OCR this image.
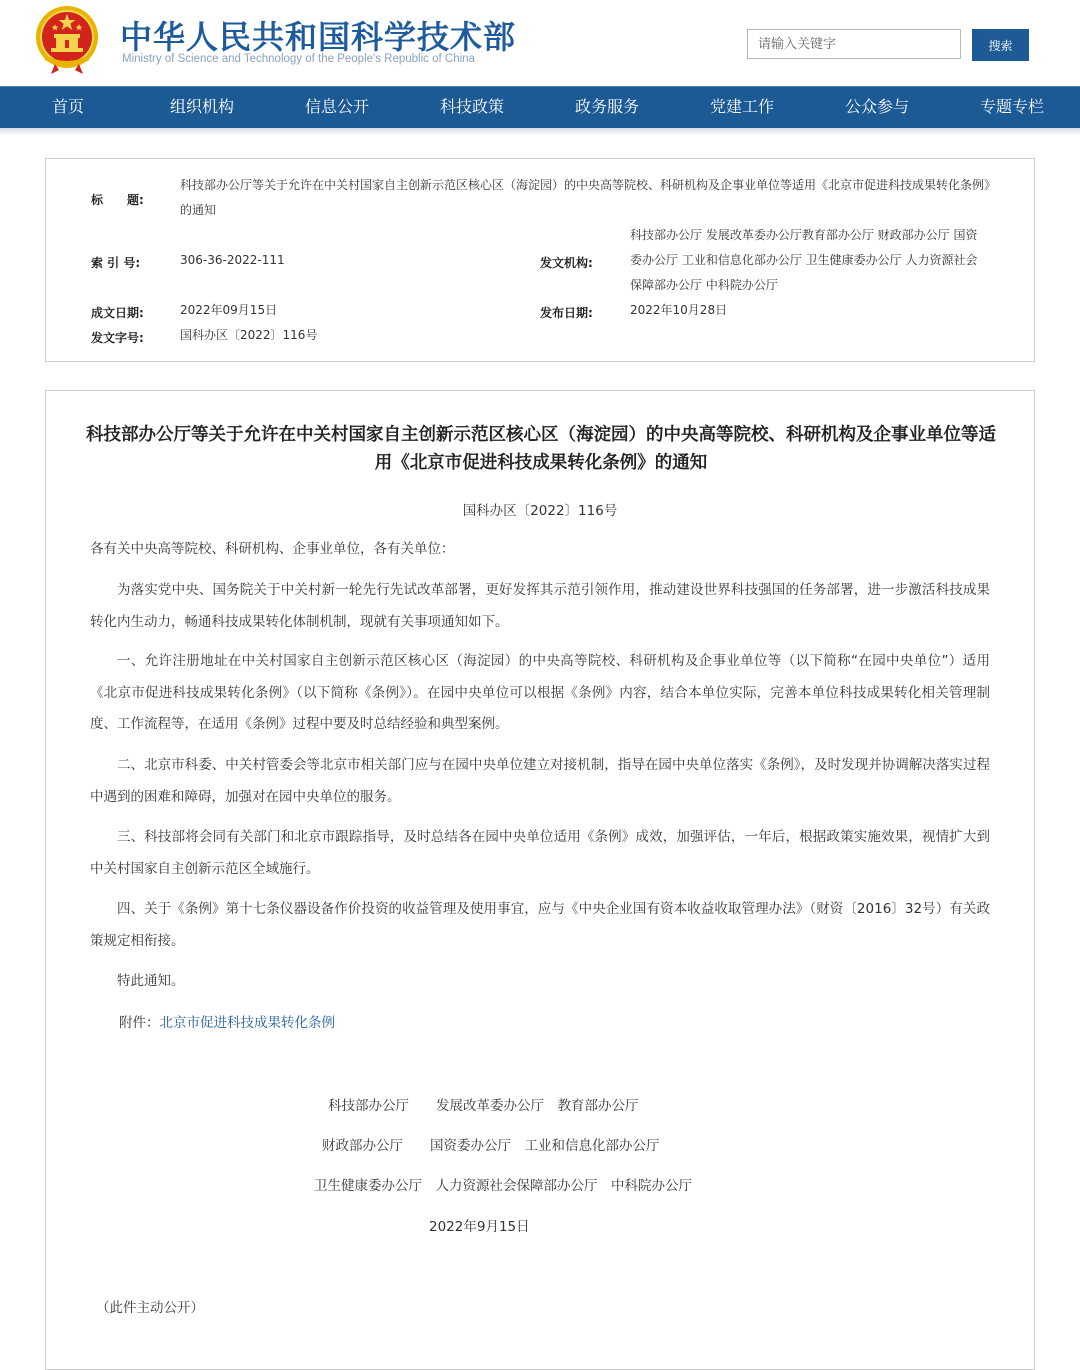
中华人民共和国科学技术部
Ministry of Science and Technology of the People's Republic of China
请输入关键字
搜索
首页	组织机构	信息公开	科技政策	政务服务	党建工作	公众参与	专题专栏
标　　题:
科技部办公厅等关于允许在中关村国家自主创新示范区核心区（海淀园）的中央高等院校、科研机构及企事业单位等适用《北京市促进科技成果转化条例》的通知
索 引 号:	306-36-2022-111	发文机构:
科技部办公厅 发展改革委办公厅教育部办公厅 财政部办公厅 国资委办公厅 工业和信息化部办公厅 卫生健康委办公厅 人力资源社会保障部办公厅 中科院办公厅
成文日期:	2022年09月15日	发布日期:	2022年10月28日
发文字号:	国科办区〔2022〕116号
科技部办公厅等关于允许在中关村国家自主创新示范区核心区（海淀园）的中央高等院校、科研机构及企事业单位等适用《北京市促进科技成果转化条例》的通知
国科办区〔2022〕116号

各有关中央高等院校、科研机构、企事业单位，各有关单位：

为落实党中央、国务院关于中关村新一轮先行先试改革部署，更好发挥其示范引领作用，推动建设世界科技强国的任务部署，进一步激活科技成果转化内生动力，畅通科技成果转化体制机制，现就有关事项通知如下。

一、允许注册地址在中关村国家自主创新示范区核心区（海淀园）的中央高等院校、科研机构及企事业单位等（以下简称“在园中央单位”）适用《北京市促进科技成果转化条例》（以下简称《条例》）。在园中央单位可以根据《条例》内容，结合本单位实际，完善本单位科技成果转化相关管理制度、工作流程等，在适用《条例》过程中要及时总结经验和典型案例。

二、北京市科委、中关村管委会等北京市相关部门应与在园中央单位建立对接机制，指导在园中央单位落实《条例》，及时发现并协调解决落实过程中遇到的困难和障碍，加强对在园中央单位的服务。

三、科技部将会同有关部门和北京市跟踪指导，及时总结各在园中央单位适用《条例》成效，加强评估，一年后，根据政策实施效果，视情扩大到中关村国家自主创新示范区全域施行。

四、关于《条例》第十七条仪器设备作价投资的收益管理及使用事宜，应与《中央企业国有资本收益收取管理办法》（财资〔2016〕32号）有关政策规定相衔接。

特此通知。

附件：北京市促进科技成果转化条例
科技部办公厅　　发展改革委办公厅　教育部办公厅
财政部办公厅　　国资委办公厅　工业和信息化部办公厅
卫生健康委办公厅　人力资源社会保障部办公厅　中科院办公厅
2022年9月15日
（此件主动公开）
